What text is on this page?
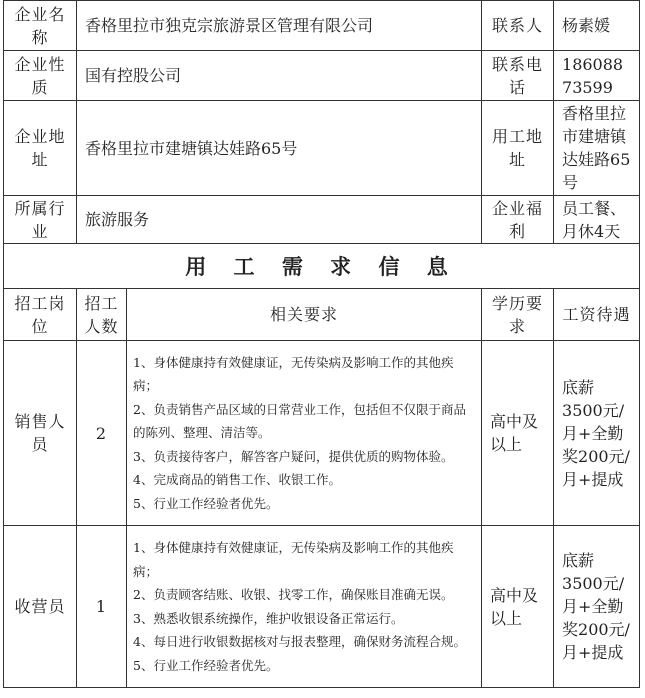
企业名称	香格里拉市独克宗旅游景区管理有限公司		联系人	杨素媛
企业性质	国有控股公司		联系电话	18608873599
企业地址	香格里拉市建塘镇达娃路65号		用工地址	香格里拉市建塘镇达娃路65号
所属行业	旅游服务		企业福利	员工餐、月休4天
用 工 需 求 信 息				
招工岗位	招工人数	相关要求	学历要求	工资待遇
销售人员	2	1、身体健康持有效健康证，无传染病及影响工作的其他疾病；

2、负责销售产品区域的日常营业工作，包括但不仅限于商品的陈列、整理、清洁等。

3、负责接待客户，解答客户疑问，提供优质的购物体验。

4、完成商品的销售工作、收银工作。

5、行业工作经验者优先。	高中及以上	底薪3500元/月+全勤奖200元/月+提成
收营员	1	1、身体健康持有效健康证，无传染病及影响工作的其他疾病；

2、负责顾客结账、收银、找零工作，确保账目准确无误。

3、熟悉收银系统操作，维护收银设备正常运行。

4、每日进行收银数据核对与报表整理，确保财务流程合规。5、行业工作经验者优先。	高中及以上	底薪3500元/月+全勤奖200元/月+提成
